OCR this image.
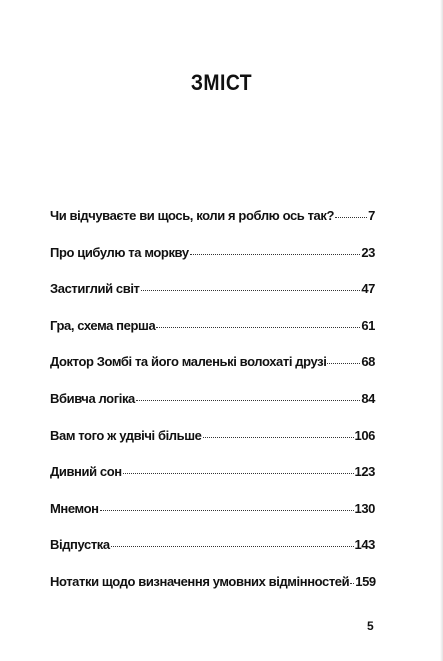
ЗМІСТ
Чи відчуваєте ви щось, коли я роблю ось так?	7
Про цибулю та моркву	23
Застиглий світ	47
Гра, схема перша	61
Доктор Зомбі та його маленькі волохаті друзі	68
Вбивча логіка	84
Вам того ж удвічі більше	106
Дивний сон	123
Мнемон	130
Відпустка	143
Нотатки щодо визначення умовних відмінностей 159
5
